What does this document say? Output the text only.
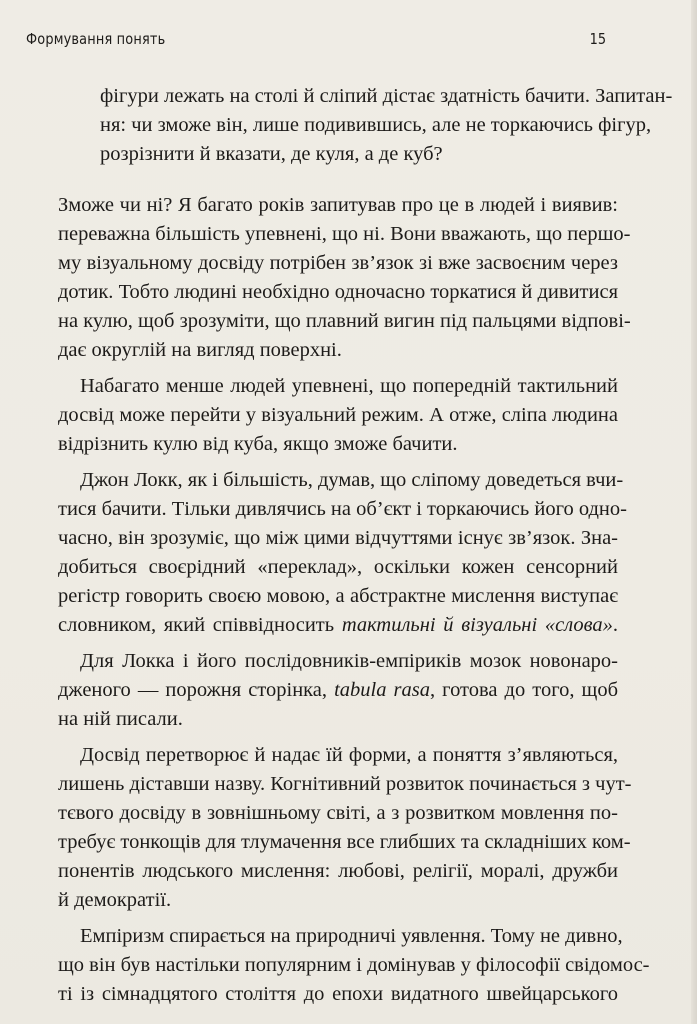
Формування понять	15
фігури лежать на столі й сліпий дістає здатність бачити. Запитан-
ня: чи зможе він, лише подивившись, але не торкаючись фігур,
розрізнити й вказати, де куля, а де куб?
Зможе чи ні? Я багато років запитував про це в людей і виявив:
переважна більшість упевнені, що ні. Вони вважають, що першо-
му візуальному досвіду потрібен зв’язок зі вже засвоєним через
дотик. Тобто людині необхідно одночасно торкатися й дивитися
на кулю, щоб зрозуміти, що плавний вигин під пальцями відпові-
дає округлій на вигляд поверхні.
Набагато менше людей упевнені, що попередній тактильний
досвід може перейти у візуальний режим. А отже, сліпа людина
відрізнить кулю від куба, якщо зможе бачити.
Джон Локк, як і більшість, думав, що сліпому доведеться вчи-
тися бачити. Тільки дивлячись на об’єкт і торкаючись його одно-
часно, він зрозуміє, що між цими відчуттями існує зв’язок. Зна-
добиться своєрідний «переклад», оскільки кожен сенсорний
регістр говорить своєю мовою, а абстрактне мислення виступає
словником, який співвідносить тактильні й візуальні «слова».
Для Локка і його послідовників-емпіриків мозок новонаро-
дженого — порожня сторінка, tabula rasa, готова до того, щоб
на ній писали.
Досвід перетворює й надає їй форми, а поняття з’являються,
лишень діставши назву. Когнітивний розвиток починається з чут-
тєвого досвіду в зовнішньому світі, а з розвитком мовлення по-
требує тонкощів для тлумачення все глибших та складніших ком-
понентів людського мислення: любові, релігії, моралі, дружби
й демократії.
Емпіризм спирається на природничі уявлення. Тому не дивно,
що він був настільки популярним і домінував у філософії свідомос-
ті із сімнадцятого століття до епохи видатного швейцарського
